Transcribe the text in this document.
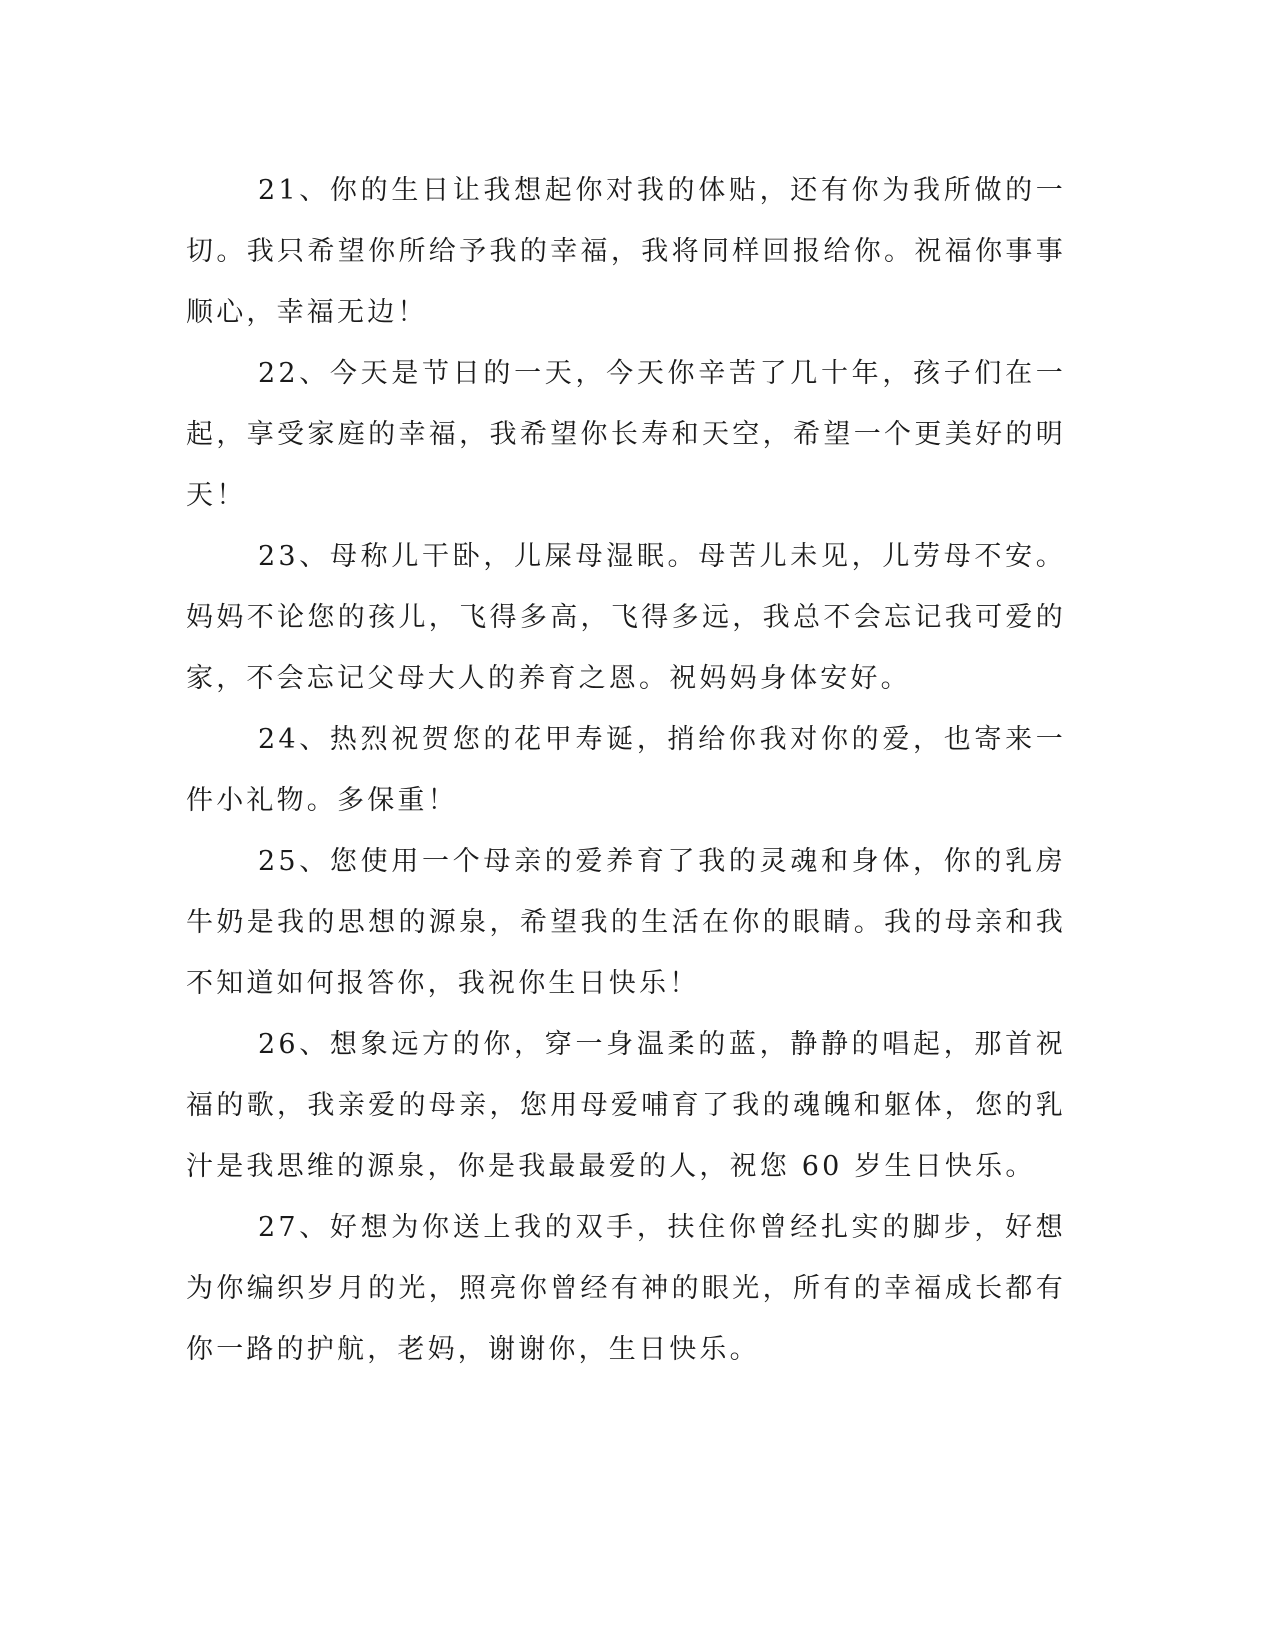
21、你的生日让我想起你对我的体贴，还有你为我所做的一切。我只希望你所给予我的幸福，我将同样回报给你。祝福你事事顺心，幸福无边！

22、今天是节日的一天，今天你辛苦了几十年，孩子们在一起，享受家庭的幸福，我希望你长寿和天空，希望一个更美好的明天！

23、母称儿干卧，儿屎母湿眠。母苦儿未见，儿劳母不安。妈妈不论您的孩儿，飞得多高，飞得多远，我总不会忘记我可爱的家，不会忘记父母大人的养育之恩。祝妈妈身体安好。

24、热烈祝贺您的花甲寿诞，捎给你我对你的爱，也寄来一件小礼物。多保重！

25、您使用一个母亲的爱养育了我的灵魂和身体，你的乳房牛奶是我的思想的源泉，希望我的生活在你的眼睛。我的母亲和我不知道如何报答你，我祝你生日快乐！

26、想象远方的你，穿一身温柔的蓝，静静的唱起，那首祝福的歌，我亲爱的母亲，您用母爱哺育了我的魂魄和躯体，您的乳汁是我思维的源泉，你是我最最爱的人，祝您 60 岁生日快乐。

27、好想为你送上我的双手，扶住你曾经扎实的脚步，好想为你编织岁月的光，照亮你曾经有神的眼光，所有的幸福成长都有你一路的护航，老妈，谢谢你，生日快乐。
